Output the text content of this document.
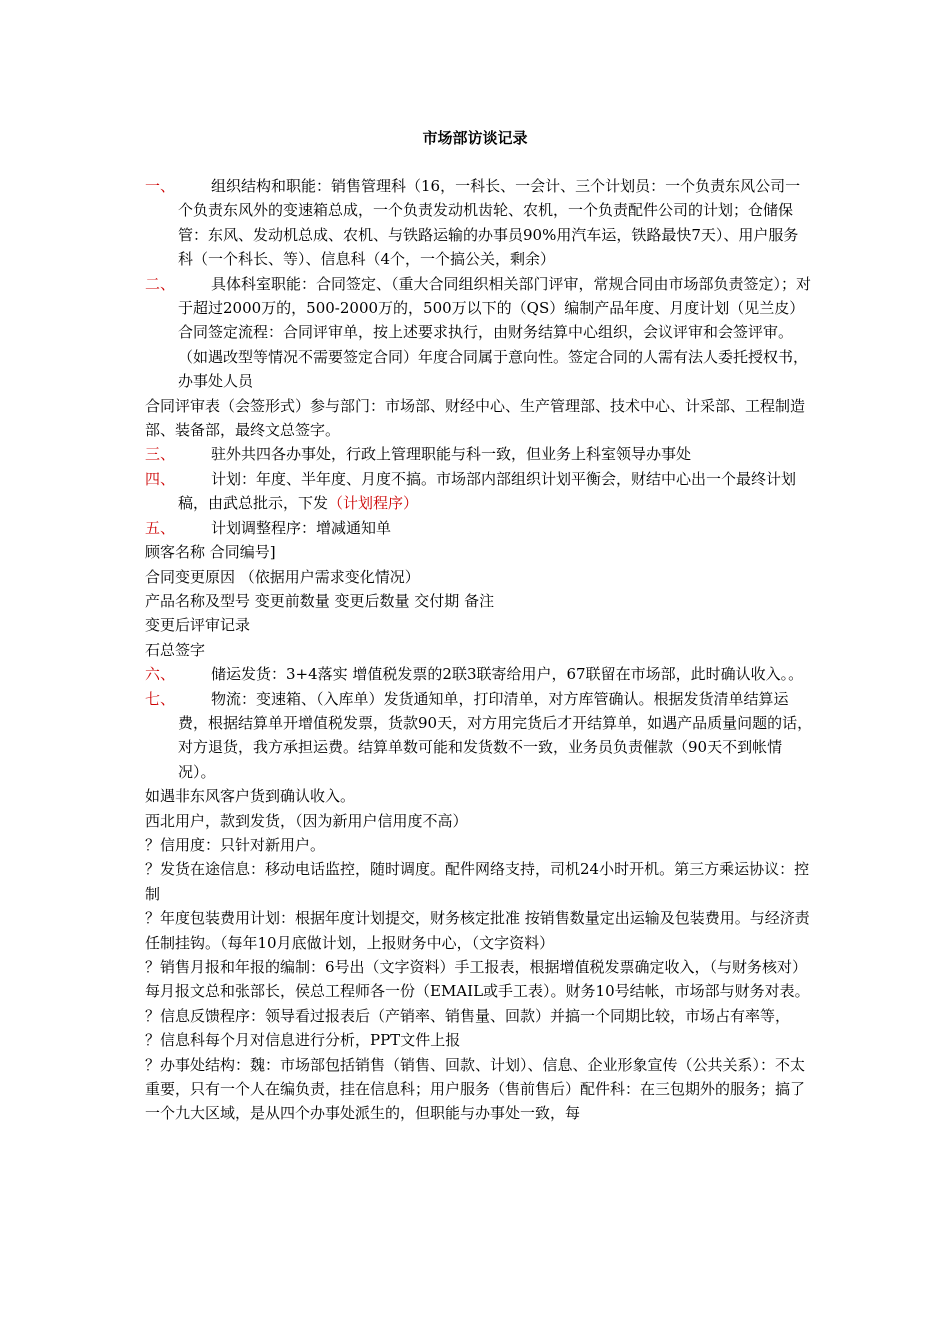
市场部访谈记录
一、 组织结构和职能：销售管理科（16，一科长、一会计、三个计划员：一个负责东风公司一个负责东风外的变速箱总成，一个负责发动机齿轮、农机，一个负责配件公司的计划；仓储保管：东风、发动机总成、农机、与铁路运输的办事员90%用汽车运，铁路最快7天）、用户服务科（一个科长、等）、信息科（4个，一个搞公关，剩余）
二、 具体科室职能：合同签定、（重大合同组织相关部门评审，常规合同由市场部负责签定）；对于超过2000万的，500-2000万的，500万以下的（QS）编制产品年度、月度计划（见兰皮）合同签定流程：合同评审单，按上述要求执行，由财务结算中心组织，会议评审和会签评审。（如遇改型等情况不需要签定合同）年度合同属于意向性。签定合同的人需有法人委托授权书，办事处人员

合同评审表（会签形式）参与部门：市场部、财经中心、生产管理部、技术中心、计采部、工程制造部、装备部，最终文总签字。

三、 驻外共四各办事处，行政上管理职能与科一致，但业务上科室领导办事处
四、 计划：年度、半年度、月度不搞。市场部内部组织计划平衡会，财结中心出一个最终计划稿，由武总批示，下发（计划程序）
五、 计划调整程序：增减通知单

顾客名称 合同编号]

合同变更原因 （依据用户需求变化情况）

产品名称及型号 变更前数量 变更后数量 交付期 备注

变更后评审记录

石总签字

六、 储运发货：3+4落实 增值税发票的2联3联寄给用户，67联留在市场部，此时确认收入。。
七、 物流：变速箱、（入库单）发货通知单，打印清单，对方库管确认。根据发货清单结算运费，根据结算单开增值税发票，货款90天，对方用完货后才开结算单，如遇产品质量问题的话，对方退货，我方承担运费。结算单数可能和发货数不一致，业务员负责催款（90天不到帐情况）。

如遇非东风客户货到确认收入。

西北用户，款到发货，（因为新用户信用度不高）

？信用度：只针对新用户。

？发货在途信息：移动电话监控，随时调度。配件网络支持，司机24小时开机。第三方乘运协议：控制

？年度包装费用计划：根据年度计划提交，财务核定批准 按销售数量定出运输及包装费用。与经济责任制挂钩。（每年10月底做计划，上报财务中心，（文字资料）

？销售月报和年报的编制：6号出（文字资料）手工报表，根据增值税发票确定收入，（与财务核对）每月报文总和张部长，侯总工程师各一份（EMAIL或手工表）。财务10号结帐，市场部与财务对表。

？信息反馈程序：领导看过报表后（产销率、销售量、回款）并搞一个同期比较，市场占有率等，

？信息科每个月对信息进行分析，PPT文件上报

？办事处结构：魏：市场部包括销售（销售、回款、计划）、信息、企业形象宣传（公共关系）：不太重要，只有一个人在编负责，挂在信息科；用户服务（售前售后）配件科：在三包期外的服务；搞了一个九大区域，是从四个办事处派生的，但职能与办事处一致，每
